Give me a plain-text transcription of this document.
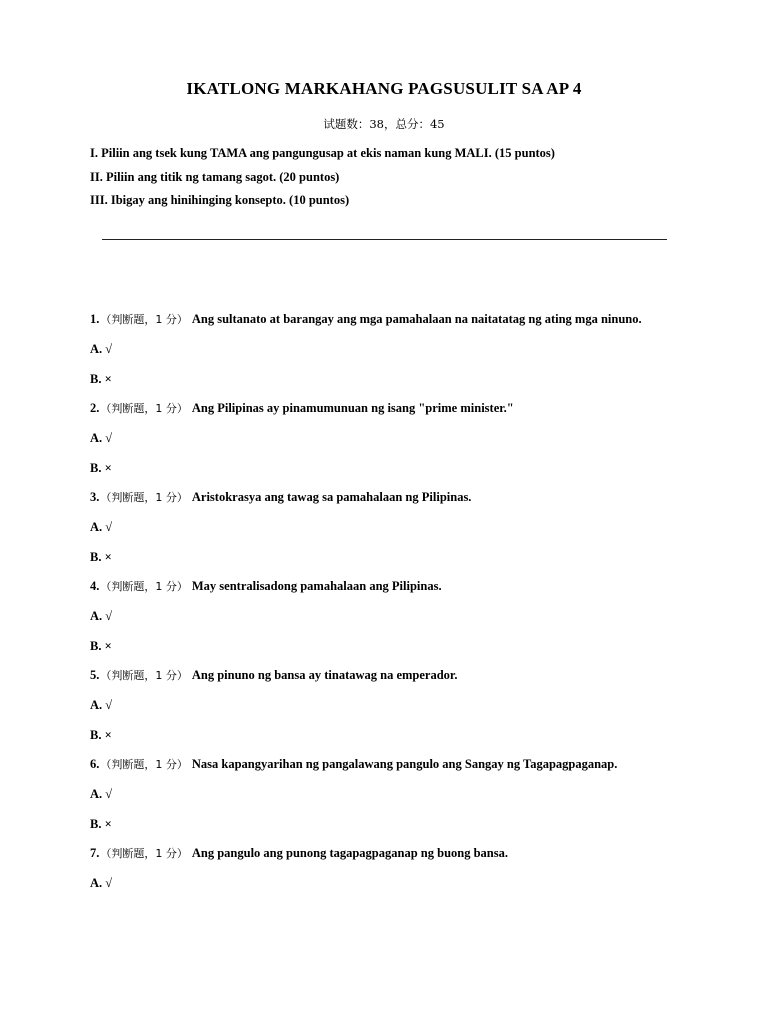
IKATLONG MARKAHANG PAGSUSULIT SA AP 4
试题数：38，总分：45
I. Piliin ang tsek kung TAMA ang pangungusap at ekis naman kung MALI. (15 puntos)
II. Piliin ang titik ng tamang sagot. (20 puntos)
III. Ibigay ang hinihinging konsepto. (10 puntos)
1.（判断题，1 分） Ang sultanato at barangay ang mga pamahalaan na naitatatag ng ating mga ninuno.
A. √
B. ×
2.（判断题，1 分） Ang Pilipinas ay pinamumunuan ng isang "prime minister."
A. √
B. ×
3.（判断题，1 分） Aristokrasya ang tawag sa pamahalaan ng Pilipinas.
A. √
B. ×
4.（判断题，1 分） May sentralisadong pamahalaan ang Pilipinas.
A. √
B. ×
5.（判断题，1 分） Ang pinuno ng bansa ay tinatawag na emperador.
A. √
B. ×
6.（判断题，1 分） Nasa kapangyarihan ng pangalawang pangulo ang Sangay ng Tagapagpaganap.
A. √
B. ×
7.（判断题，1 分） Ang pangulo ang punong tagapagpaganap ng buong bansa.
A. √
